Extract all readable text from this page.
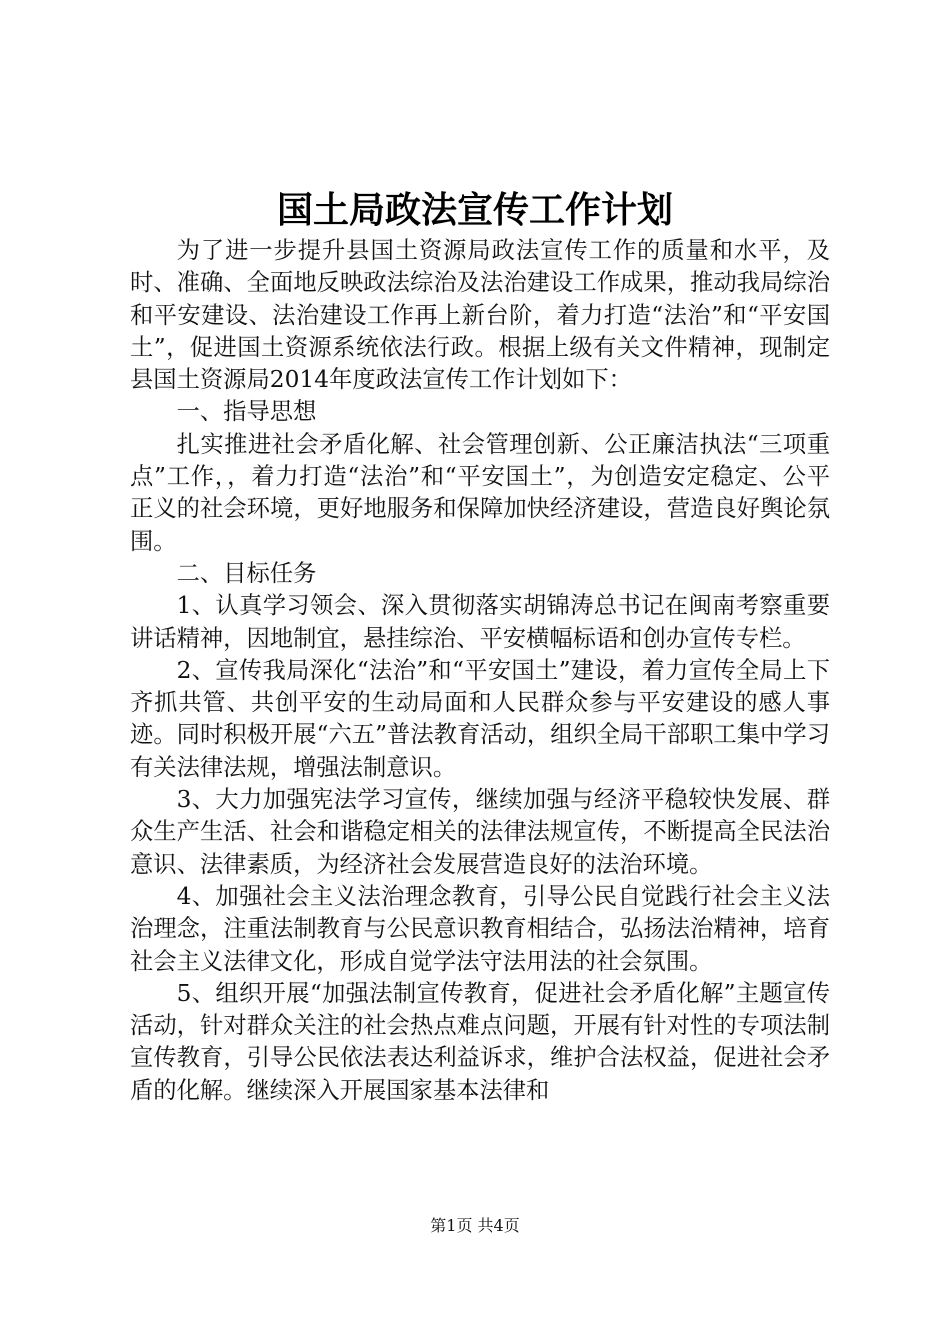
国土局政法宣传工作计划

为了进一步提升县国土资源局政法宣传工作的质量和水平，及时、准确、全面地反映政法综治及法治建设工作成果，推动我局综治和平安建设、法治建设工作再上新台阶，着力打造“法治”和“平安国土”，促进国土资源系统依法行政。根据上级有关文件精神，现制定县国土资源局2014年度政法宣传工作计划如下：

一、指导思想

扎实推进社会矛盾化解、社会管理创新、公正廉洁执法“三项重点”工作，，着力打造“法治”和“平安国土”，为创造安定稳定、公平正义的社会环境，更好地服务和保障加快经济建设，营造良好舆论氛围。

二、目标任务

1、认真学习领会、深入贯彻落实胡锦涛总书记在闽南考察重要讲话精神，因地制宜，悬挂综治、平安横幅标语和创办宣传专栏。

2、宣传我局深化“法治”和“平安国土”建设，着力宣传全局上下齐抓共管、共创平安的生动局面和人民群众参与平安建设的感人事迹。同时积极开展“六五”普法教育活动，组织全局干部职工集中学习有关法律法规，增强法制意识。

3、大力加强宪法学习宣传，继续加强与经济平稳较快发展、群众生产生活、社会和谐稳定相关的法律法规宣传，不断提高全民法治意识、法律素质，为经济社会发展营造良好的法治环境。

4、加强社会主义法治理念教育，引导公民自觉践行社会主义法治理念，注重法制教育与公民意识教育相结合，弘扬法治精神，培育社会主义法律文化，形成自觉学法守法用法的社会氛围。

5、组织开展“加强法制宣传教育，促进社会矛盾化解”主题宣传活动，针对群众关注的社会热点难点问题，开展有针对性的专项法制宣传教育，引导公民依法表达利益诉求，维护合法权益，促进社会矛盾的化解。继续深入开展国家基本法律和

第1页 共4页
